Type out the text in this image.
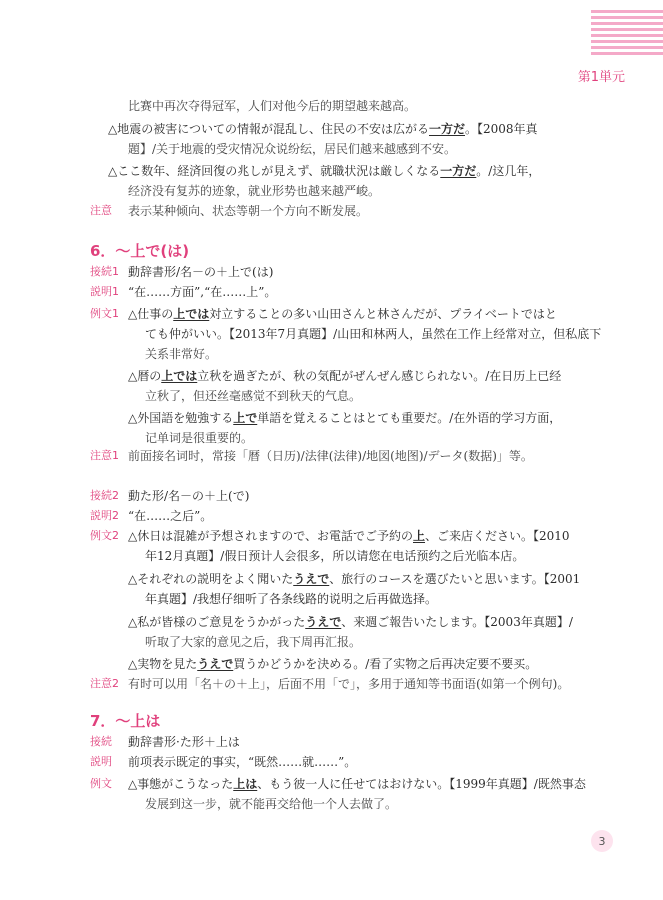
第1単元
比赛中再次夺得冠军，人们对他今后的期望越来越高。
△地震の被害についての情報が混乱し、住民の不安は広がる一方だ。【2008年真
題】/关于地震的受灾情况众说纷纭，居民们越来越感到不安。
△ここ数年、経済回復の兆しが見えず、就職状況は厳しくなる一方だ。/这几年，
经济没有复苏的迹象，就业形势也越来越严峻。
注意 表示某种倾向、状态等朝一个方向不断发展。
6．～上で(は)
接続1 動辞書形/名－の＋上で(は)
説明1 “在……方面”,“在……上”。
例文1 △仕事の上では対立することの多い山田さんと林さんだが、プライベートではと
ても仲がいい。【2013年7月真題】/山田和林两人，虽然在工作上经常对立，但私底下
关系非常好。
△暦の上では立秋を過ぎたが、秋の気配がぜんぜん感じられない。/在日历上已经
立秋了，但还丝毫感觉不到秋天的气息。
△外国語を勉強する上で単語を覚えることはとても重要だ。/在外语的学习方面，
记单词是很重要的。
注意1 前面接名词时，常接「暦（日历)/法律(法律)/地図(地图)/データ(数据)」等。
接続2 動た形/名－の＋上(で)
説明2 “在……之后”。
例文2 △休日は混雑が予想されますので、お電話でご予約の上、ご来店ください。【2010
年12月真題】/假日预计人会很多，所以请您在电话预约之后光临本店。
△それぞれの説明をよく聞いたうえで、旅行のコースを選びたいと思います。【2001
年真題】/我想仔细听了各条线路的说明之后再做选择。
△私が皆様のご意見をうかがったうえで、来週ご報告いたします。【2003年真題】/
听取了大家的意见之后，我下周再汇报。
△実物を見たうえで買うかどうかを決める。/看了实物之后再决定要不要买。
注意2 有时可以用「名＋の＋上」，后面不用「で」，多用于通知等书面语(如第一个例句)。
7．～上は
接続 動辞書形·た形＋上は
説明 前项表示既定的事实，“既然……就……”。
例文 △事態がこうなった上は、もう彼一人に任せてはおけない。【1999年真題】/既然事态
发展到这一步，就不能再交给他一个人去做了。
3
